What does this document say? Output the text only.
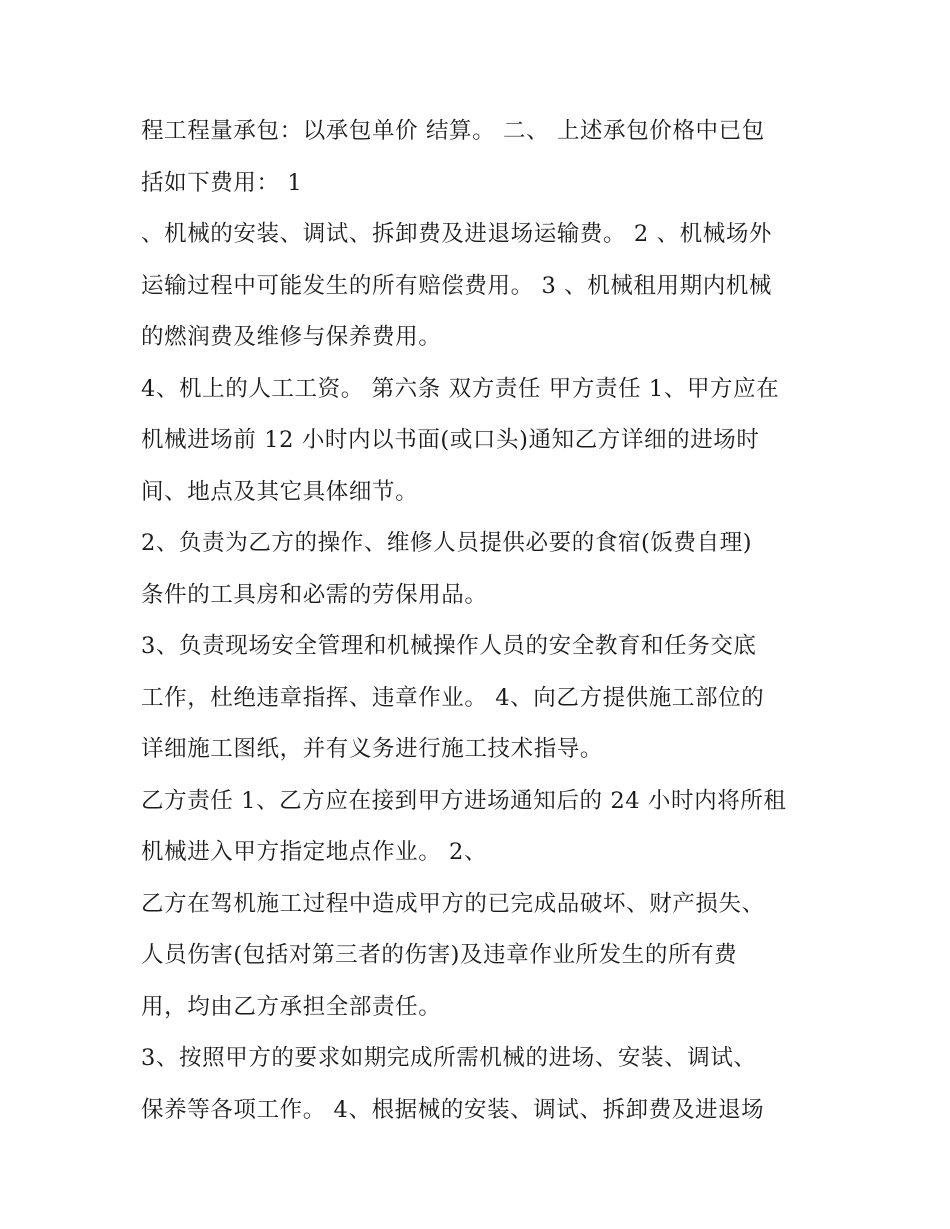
程工程量承包：以承包单价 结算。 二、 上述承包价格中已包
括如下费用： 1
、机械的安装、调试、拆卸费及进退场运输费。 2 、机械场外
运输过程中可能发生的所有赔偿费用。 3 、机械租用期内机械
的燃润费及维修与保养费用。
4、机上的人工工资。 第六条 双方责任 甲方责任 1、甲方应在
机械进场前 12 小时内以书面(或口头)通知乙方详细的进场时
间、地点及其它具体细节。
2、负责为乙方的操作、维修人员提供必要的食宿(饭费自理)
条件的工具房和必需的劳保用品。
3、负责现场安全管理和机械操作人员的安全教育和任务交底
工作，杜绝违章指挥、违章作业。 4、向乙方提供施工部位的
详细施工图纸，并有义务进行施工技术指导。
乙方责任 1、乙方应在接到甲方进场通知后的 24 小时内将所租
机械进入甲方指定地点作业。 2、
乙方在驾机施工过程中造成甲方的已完成品破坏、财产损失、
人员伤害(包括对第三者的伤害)及违章作业所发生的所有费
用，均由乙方承担全部责任。
3、按照甲方的要求如期完成所需机械的进场、安装、调试、
保养等各项工作。 4、根据械的安装、调试、拆卸费及进退场
